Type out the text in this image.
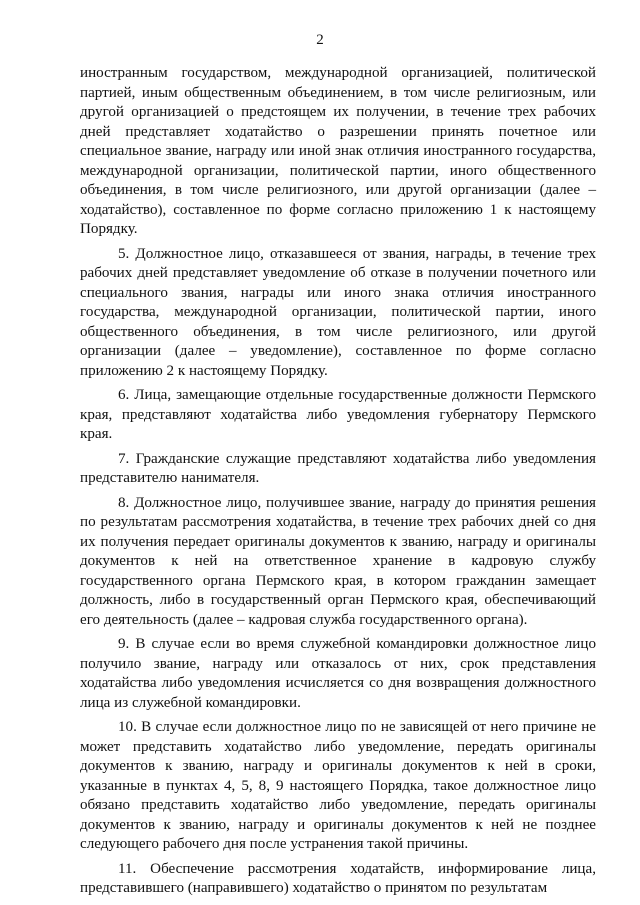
2

иностранным государством, международной организацией, политической партией, иным общественным объединением, в том числе религиозным, или другой организацией о предстоящем их получении, в течение трех рабочих дней представляет ходатайство о разрешении принять почетное или специальное звание, награду или иной знак отличия иностранного государства, международной организации, политической партии, иного общественного объединения, в том числе религиозного, или другой организации (далее – ходатайство), составленное по форме согласно приложению 1 к настоящему Порядку.

5. Должностное лицо, отказавшееся от звания, награды, в течение трех рабочих дней представляет уведомление об отказе в получении почетного или специального звания, награды или иного знака отличия иностранного государства, международной организации, политической партии, иного общественного объединения, в том числе религиозного, или другой организации (далее – уведомление), составленное по форме согласно приложению 2 к настоящему Порядку.

6. Лица, замещающие отдельные государственные должности Пермского края, представляют ходатайства либо уведомления губернатору Пермского края.

7. Гражданские служащие представляют ходатайства либо уведомления представителю нанимателя.

8. Должностное лицо, получившее звание, награду до принятия решения по результатам рассмотрения ходатайства, в течение трех рабочих дней со дня их получения передает оригиналы документов к званию, награду и оригиналы документов к ней на ответственное хранение в кадровую службу государственного органа Пермского края, в котором гражданин замещает должность, либо в государственный орган Пермского края, обеспечивающий его деятельность (далее – кадровая служба государственного органа).

9. В случае если во время служебной командировки должностное лицо получило звание, награду или отказалось от них, срок представления ходатайства либо уведомления исчисляется со дня возвращения должностного лица из служебной командировки.

10. В случае если должностное лицо по не зависящей от него причине не может представить ходатайство либо уведомление, передать оригиналы документов к званию, награду и оригиналы документов к ней в сроки, указанные в пунктах 4, 5, 8, 9 настоящего Порядка, такое должностное лицо обязано представить ходатайство либо уведомление, передать оригиналы документов к званию, награду и оригиналы документов к ней не позднее следующего рабочего дня после устранения такой причины.

11. Обеспечение рассмотрения ходатайств, информирование лица, представившего (направившего) ходатайство о принятом по результатам
